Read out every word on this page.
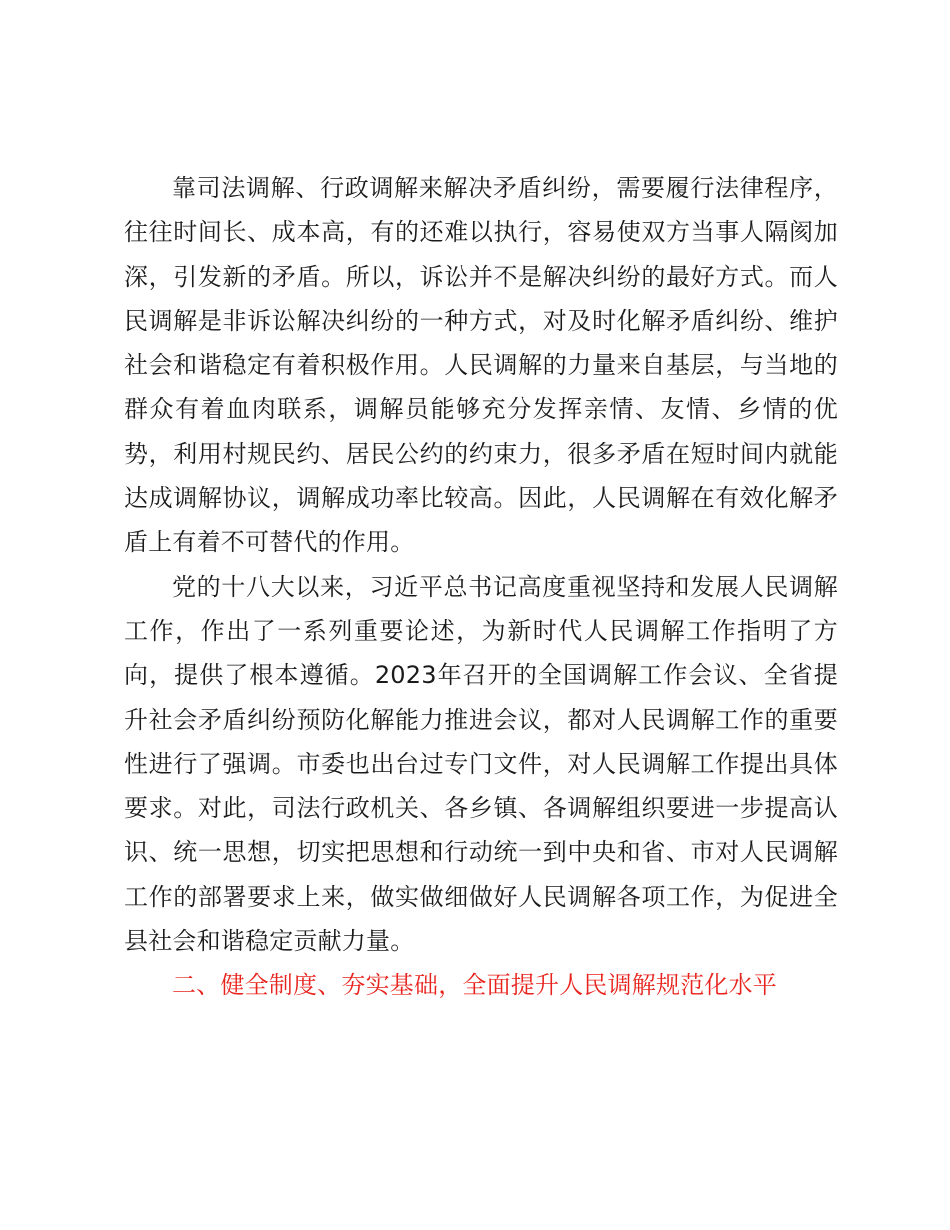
靠司法调解、行政调解来解决矛盾纠纷，需要履行法律程序，往往时间长、成本高，有的还难以执行，容易使双方当事人隔阂加深，引发新的矛盾。所以，诉讼并不是解决纠纷的最好方式。而人民调解是非诉讼解决纠纷的一种方式，对及时化解矛盾纠纷、维护社会和谐稳定有着积极作用。人民调解的力量来自基层，与当地的群众有着血肉联系，调解员能够充分发挥亲情、友情、乡情的优势，利用村规民约、居民公约的约束力，很多矛盾在短时间内就能达成调解协议，调解成功率比较高。因此，人民调解在有效化解矛盾上有着不可替代的作用。

党的十八大以来，习近平总书记高度重视坚持和发展人民调解工作，作出了一系列重要论述，为新时代人民调解工作指明了方向，提供了根本遵循。2023年召开的全国调解工作会议、全省提升社会矛盾纠纷预防化解能力推进会议，都对人民调解工作的重要性进行了强调。市委也出台过专门文件，对人民调解工作提出具体要求。对此，司法行政机关、各乡镇、各调解组织要进一步提高认识、统一思想，切实把思想和行动统一到中央和省、市对人民调解工作的部署要求上来，做实做细做好人民调解各项工作，为促进全县社会和谐稳定贡献力量。

二、健全制度、夯实基础，全面提升人民调解规范化水平
